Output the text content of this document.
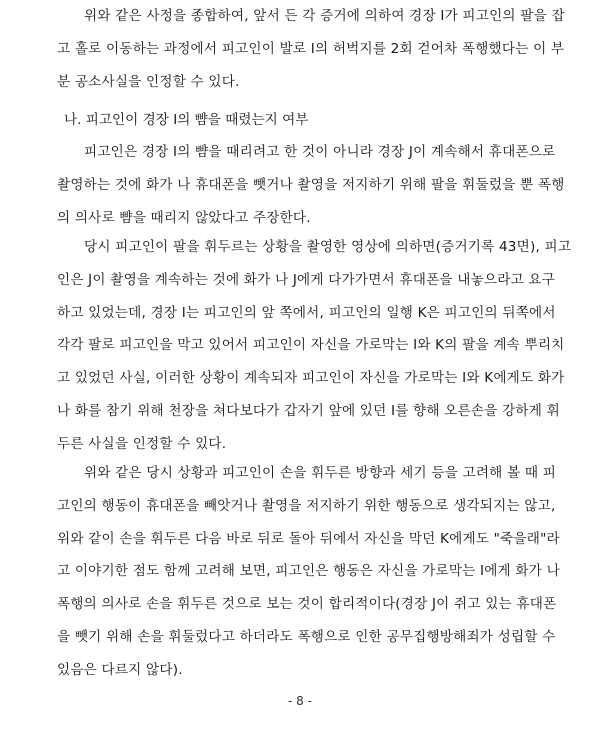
위와 같은 사정을 종합하여, 앞서 든 각 증거에 의하여 경장 I가 피고인의 팔을 잡
고 홀로 이동하는 과정에서 피고인이 발로 I의 허벅지를 2회 걷어차 폭행했다는 이 부
분 공소사실을 인정할 수 있다.
나. 피고인이 경장 I의 뺨을 때렸는지 여부
피고인은 경장 I의 뺨을 때리려고 한 것이 아니라 경장 J이 계속해서 휴대폰으로
촬영하는 것에 화가 나 휴대폰을 뺏거나 촬영을 저지하기 위해 팔을 휘둘렀을 뿐 폭행
의 의사로 뺨을 때리지 않았다고 주장한다.
당시 피고인이 팔을 휘두르는 상황을 촬영한 영상에 의하면(증거기록 43면), 피고
인은 J이 촬영을 계속하는 것에 화가 나 J에게 다가가면서 휴대폰을 내놓으라고 요구
하고 있었는데, 경장 I는 피고인의 앞 쪽에서, 피고인의 일행 K은 피고인의 뒤쪽에서
각각 팔로 피고인을 막고 있어서 피고인이 자신을 가로막는 I와 K의 팔을 계속 뿌리치
고 있었던 사실, 이러한 상황이 계속되자 피고인이 자신을 가로막는 I와 K에게도 화가
나 화를 참기 위해 천장을 쳐다보다가 갑자기 앞에 있던 I를 향해 오른손을 강하게 휘
두른 사실을 인정할 수 있다.
위와 같은 당시 상황과 피고인이 손을 휘두른 방향과 세기 등을 고려해 볼 때 피
고인의 행동이 휴대폰을 빼앗거나 촬영을 저지하기 위한 행동으로 생각되지는 않고,
위와 같이 손을 휘두른 다음 바로 뒤로 돌아 뒤에서 자신을 막던 K에게도 "죽을래"라
고 이야기한 점도 함께 고려해 보면, 피고인은 행동은 자신을 가로막는 I에게 화가 나
폭행의 의사로 손을 휘두른 것으로 보는 것이 합리적이다(경장 J이 쥐고 있는 휴대폰
을 뺏기 위해 손을 휘둘렀다고 하더라도 폭행으로 인한 공무집행방해죄가 성립할 수
있음은 다르지 않다).
- 8 -
